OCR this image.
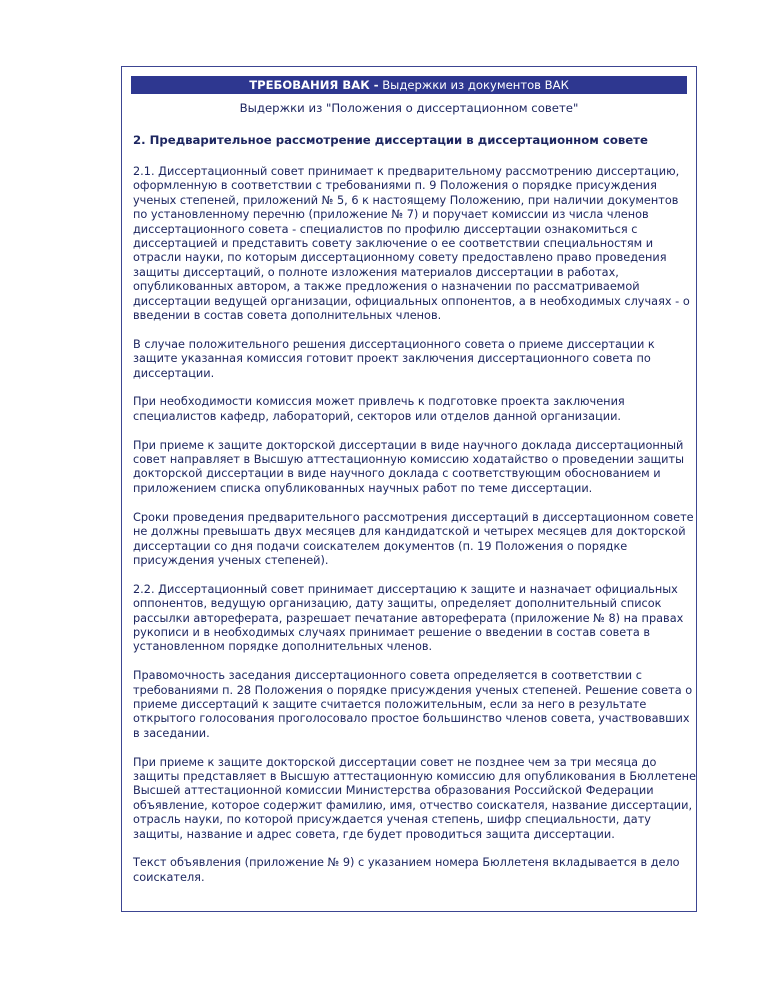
ТРЕБОВАНИЯ ВАК - Выдержки из документов ВАК
Выдержки из "Положения о диссертационном совете"
2. Предварительное рассмотрение диссертации в диссертационном совете
2.1. Диссертационный совет принимает к предварительному рассмотрению диссертацию,
оформленную в соответствии с требованиями п. 9 Положения о порядке присуждения
ученых степеней, приложений № 5, 6 к настоящему Положению, при наличии документов
по установленному перечню (приложение № 7) и поручает комиссии из числа членов
диссертационного совета - специалистов по профилю диссертации ознакомиться с
диссертацией и представить совету заключение о ее соответствии специальностям и
отрасли науки, по которым диссертационному совету предоставлено право проведения
защиты диссертаций, о полноте изложения материалов диссертации в работах,
опубликованных автором, а также предложения о назначении по рассматриваемой
диссертации ведущей организации, официальных оппонентов, а в необходимых случаях - о
введении в состав совета дополнительных членов.
В случае положительного решения диссертационного совета о приеме диссертации к
защите указанная комиссия готовит проект заключения диссертационного совета по
диссертации.
При необходимости комиссия может привлечь к подготовке проекта заключения
специалистов кафедр, лабораторий, секторов или отделов данной организации.
При приеме к защите докторской диссертации в виде научного доклада диссертационный
совет направляет в Высшую аттестационную комиссию ходатайство о проведении защиты
докторской диссертации в виде научного доклада с соответствующим обоснованием и
приложением списка опубликованных научных работ по теме диссертации.
Сроки проведения предварительного рассмотрения диссертаций в диссертационном совете
не должны превышать двух месяцев для кандидатской и четырех месяцев для докторской
диссертации со дня подачи соискателем документов (п. 19 Положения о порядке
присуждения ученых степеней).
2.2. Диссертационный совет принимает диссертацию к защите и назначает официальных
оппонентов, ведущую организацию, дату защиты, определяет дополнительный список
рассылки автореферата, разрешает печатание автореферата (приложение № 8) на правах
рукописи и в необходимых случаях принимает решение о введении в состав совета в
установленном порядке дополнительных членов.
Правомочность заседания диссертационного совета определяется в соответствии с
требованиями п. 28 Положения о порядке присуждения ученых степеней. Решение совета о
приеме диссертаций к защите считается положительным, если за него в результате
открытого голосования проголосовало простое большинство членов совета, участвовавших
в заседании.
При приеме к защите докторской диссертации совет не позднее чем за три месяца до
защиты представляет в Высшую аттестационную комиссию для опубликования в Бюллетене
Высшей аттестационной комиссии Министерства образования Российской Федерации
объявление, которое содержит фамилию, имя, отчество соискателя, название диссертации,
отрасль науки, по которой присуждается ученая степень, шифр специальности, дату
защиты, название и адрес совета, где будет проводиться защита диссертации.
Текст объявления (приложение № 9) с указанием номера Бюллетеня вкладывается в дело
соискателя.
